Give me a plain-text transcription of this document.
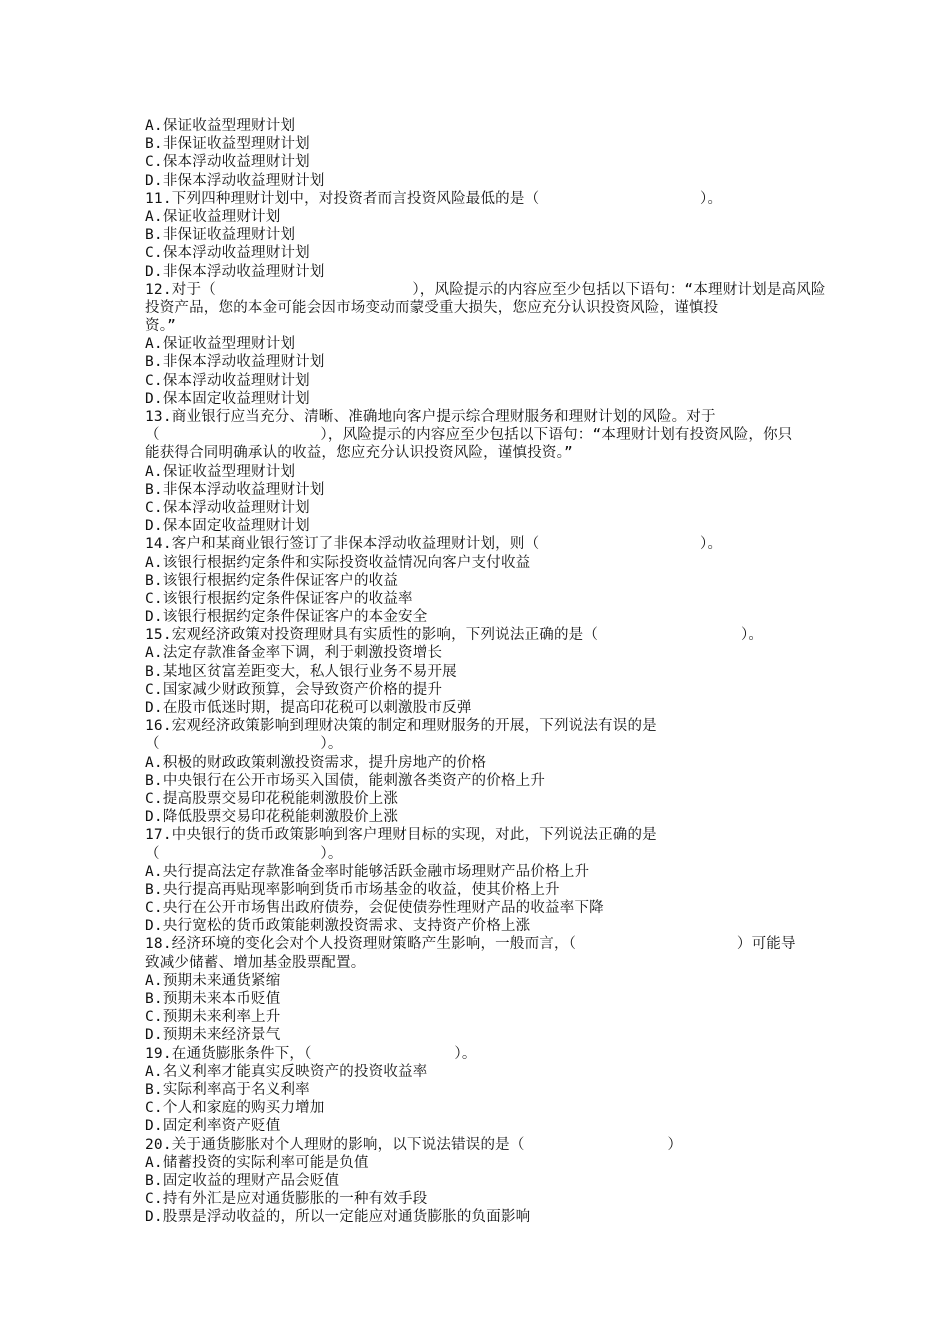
A.保证收益型理财计划
B.非保证收益型理财计划
C.保本浮动收益理财计划
D.非保本浮动收益理财计划
11.下列四种理财计划中，对投资者而言投资风险最低的是（                  ）。
A.保证收益理财计划
B.非保证收益理财计划
C.保本浮动收益理财计划
D.非保本浮动收益理财计划
12.对于（                      ），风险提示的内容应至少包括以下语句：“本理财计划是高风险
投资产品，您的本金可能会因市场变动而蒙受重大损失，您应充分认识投资风险，谨慎投
资。”
A.保证收益型理财计划
B.非保本浮动收益理财计划
C.保本浮动收益理财计划
D.保本固定收益理财计划
13.商业银行应当充分、清晰、准确地向客户提示综合理财服务和理财计划的风险。对于
（                  ），风险提示的内容应至少包括以下语句：“本理财计划有投资风险，你只
能获得合同明确承认的收益，您应充分认识投资风险，谨慎投资。”
A.保证收益型理财计划
B.非保本浮动收益理财计划
C.保本浮动收益理财计划
D.保本固定收益理财计划
14.客户和某商业银行签订了非保本浮动收益理财计划，则（                  ）。
A.该银行根据约定条件和实际投资收益情况向客户支付收益
B.该银行根据约定条件保证客户的收益
C.该银行根据约定条件保证客户的收益率
D.该银行根据约定条件保证客户的本金安全
15.宏观经济政策对投资理财具有实质性的影响，下列说法正确的是（                ）。
A.法定存款准备金率下调，利于刺激投资增长
B.某地区贫富差距变大，私人银行业务不易开展
C.国家减少财政预算，会导致资产价格的提升
D.在股市低迷时期，提高印花税可以刺激股市反弹
16.宏观经济政策影响到理财决策的制定和理财服务的开展，下列说法有误的是
（                  ）。
A.积极的财政政策刺激投资需求，提升房地产的价格
B.中央银行在公开市场买入国债，能刺激各类资产的价格上升
C.提高股票交易印花税能刺激股价上涨
D.降低股票交易印花税能刺激股价上涨
17.中央银行的货币政策影响到客户理财目标的实现，对此，下列说法正确的是
（                  ）。
A.央行提高法定存款准备金率时能够活跃金融市场理财产品价格上升
B.央行提高再贴现率影响到货币市场基金的收益，使其价格上升
C.央行在公开市场售出政府债券，会促使债券性理财产品的收益率下降
D.央行宽松的货币政策能刺激投资需求、支持资产价格上涨
18.经济环境的变化会对个人投资理财策略产生影响，一般而言，（                  ）可能导
致减少储蓄、增加基金股票配置。
A.预期未来通货紧缩
B.预期未来本币贬值
C.预期未来利率上升
D.预期未来经济景气
19.在通货膨胀条件下，（                ）。
A.名义利率才能真实反映资产的投资收益率
B.实际利率高于名义利率
C.个人和家庭的购买力增加
D.固定利率资产贬值
20.关于通货膨胀对个人理财的影响，以下说法错误的是（                ）
A.储蓄投资的实际利率可能是负值
B.固定收益的理财产品会贬值
C.持有外汇是应对通货膨胀的一种有效手段
D.股票是浮动收益的，所以一定能应对通货膨胀的负面影响
